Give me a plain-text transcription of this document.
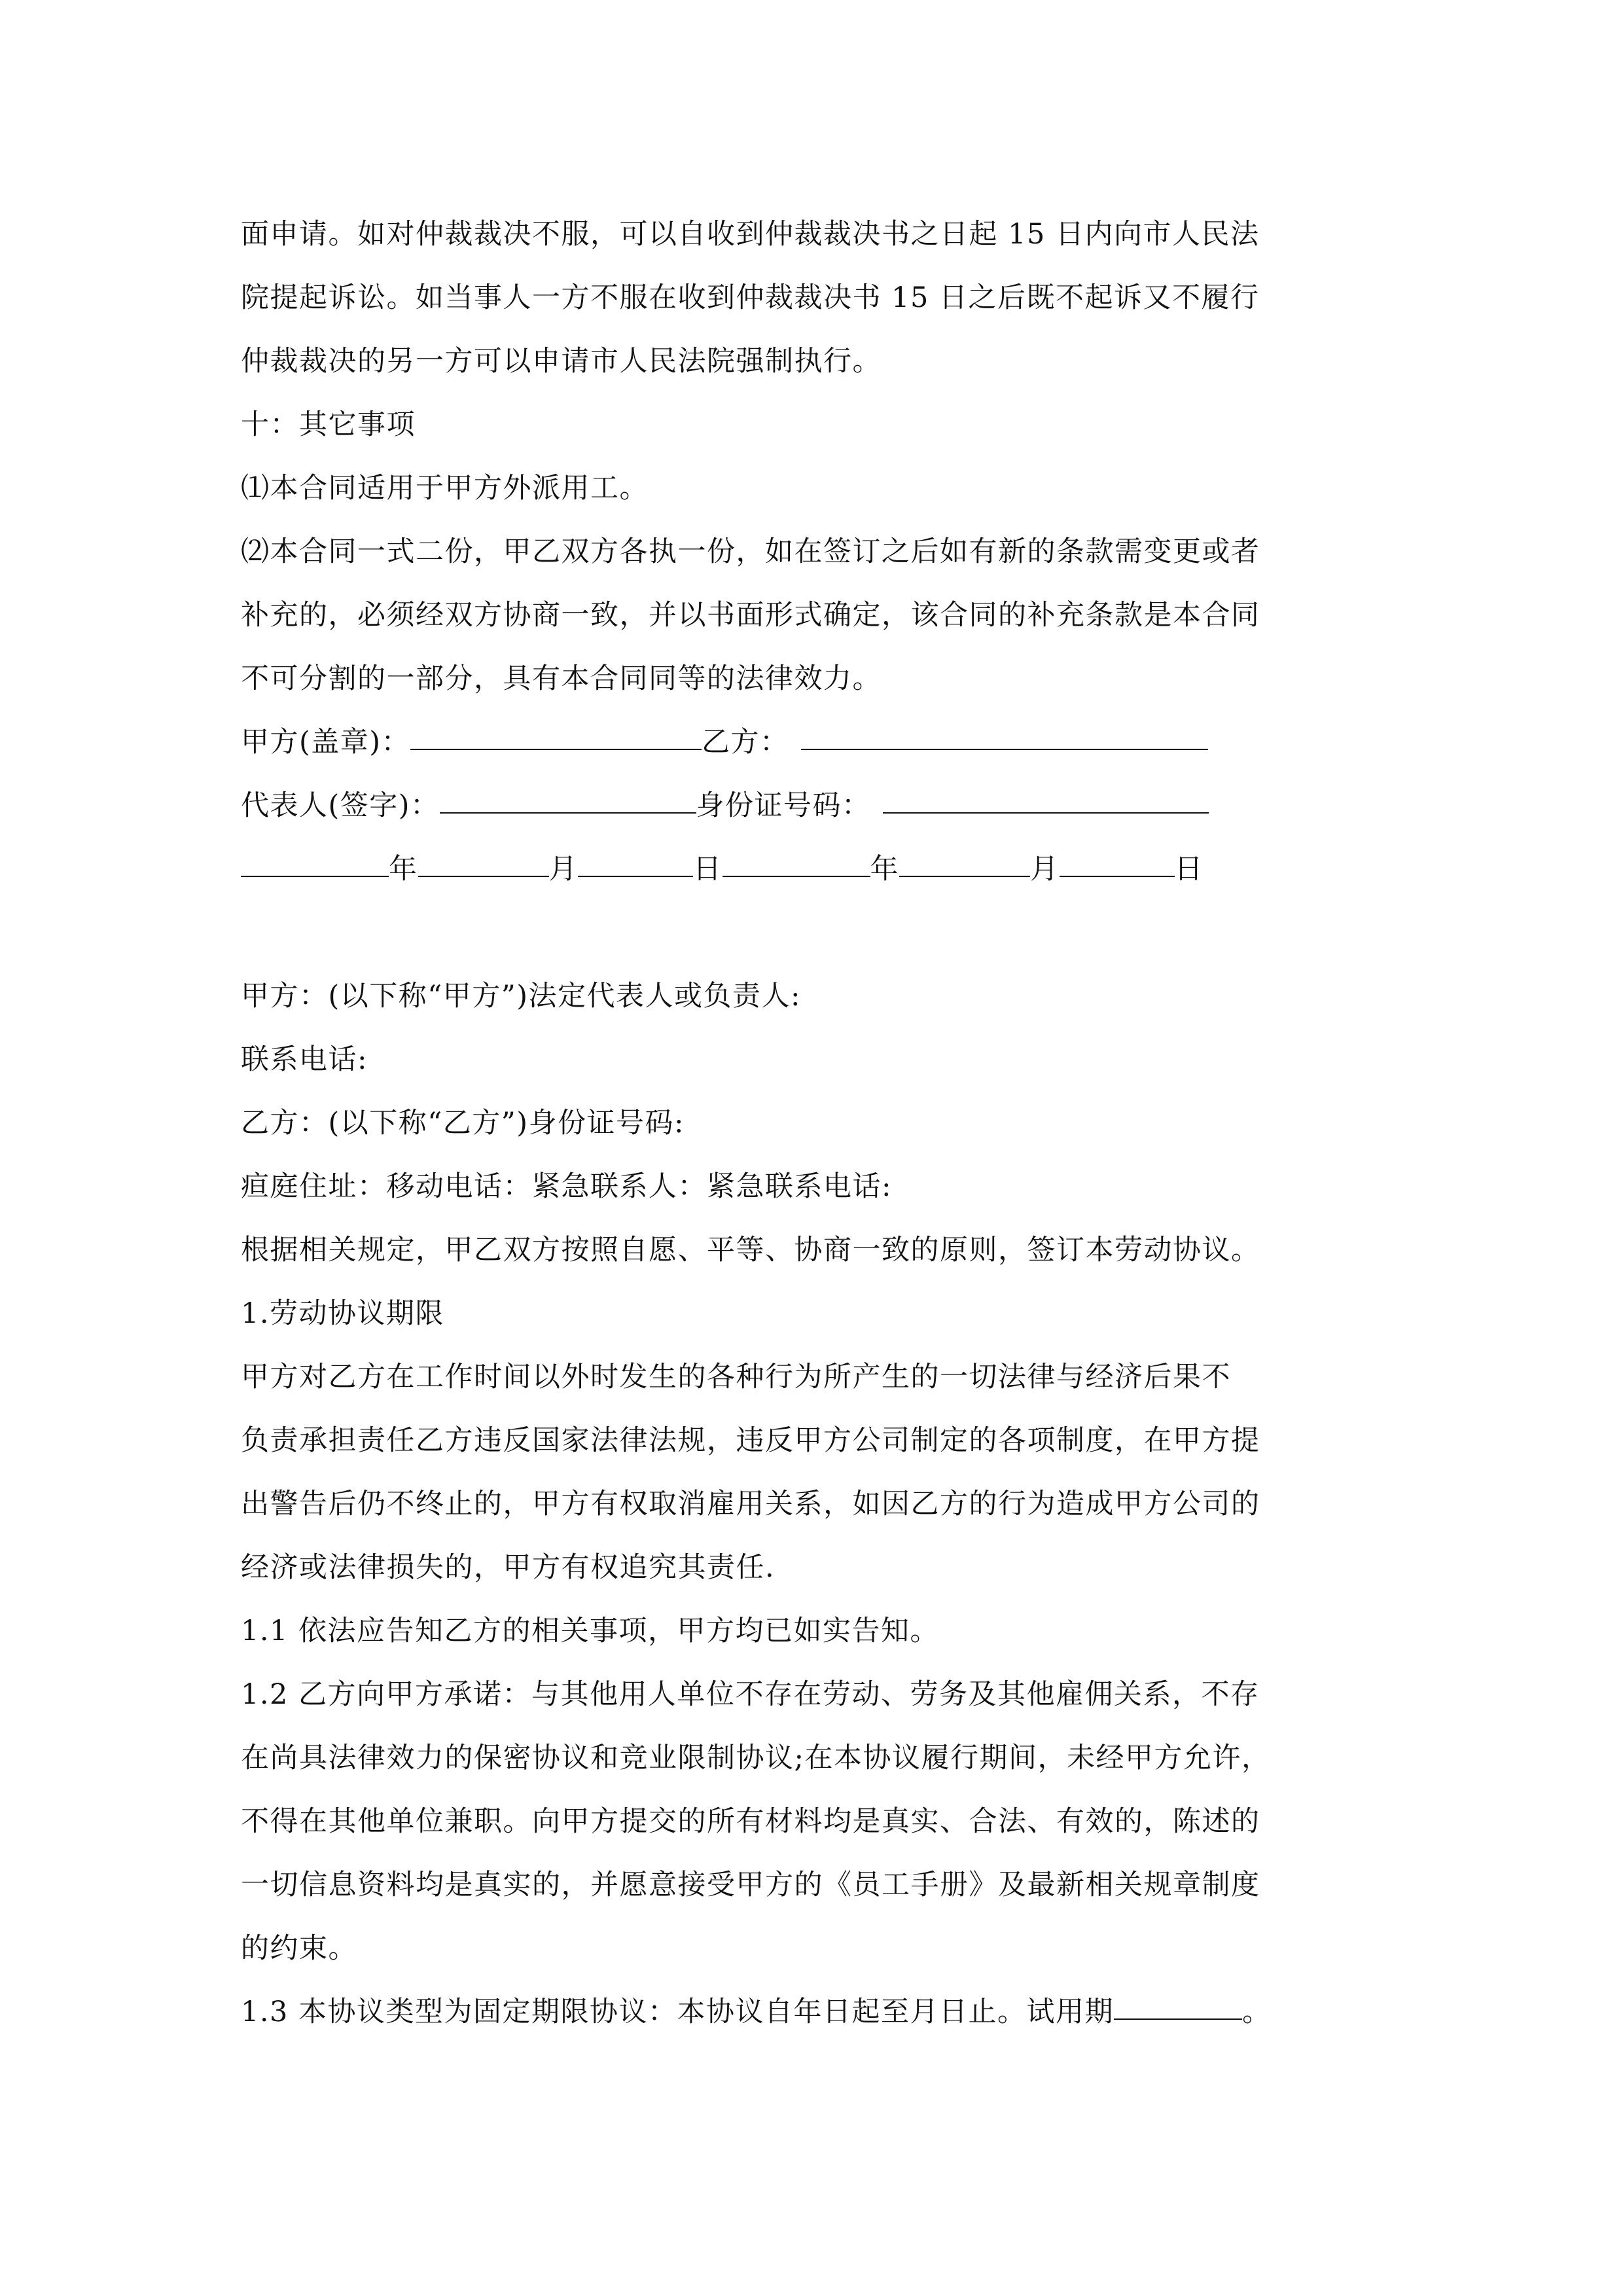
面申请。如对仲裁裁决不服，可以自收到仲裁裁决书之日起 15 日内向市人民法
院提起诉讼。如当事人一方不服在收到仲裁裁决书 15 日之后既不起诉又不履行
仲裁裁决的另一方可以申请市人民法院强制执行。
十：其它事项
⑴本合同适用于甲方外派用工。
⑵本合同一式二份，甲乙双方各执一份，如在签订之后如有新的条款需变更或者
补充的，必须经双方协商一致，并以书面形式确定，该合同的补充条款是本合同
不可分割的一部分，具有本合同同等的法律效力。
甲方(盖章)：	乙方：
代表人(签字)：	身份证号码：
年	月	日	年	月	日
甲方：(以下称“甲方”)法定代表人或负责人:
联系电话:
乙方：(以下称“乙方”)身份证号码:
疸庭住址：移动电话：紧急联系人：紧急联系电话:
根据相关规定，甲乙双方按照自愿、平等、协商一致的原则，签订本劳动协议。
1.劳动协议期限
甲方对乙方在工作时间以外时发生的各种行为所产生的一切法律与经济后果不
负责承担责任乙方违反国家法律法规，违反甲方公司制定的各项制度，在甲方提
出警告后仍不终止的，甲方有权取消雇用关系，如因乙方的行为造成甲方公司的
经济或法律损失的，甲方有权追究其责任.
1.1 依法应告知乙方的相关事项，甲方均已如实告知。
1.2 乙方向甲方承诺：与其他用人单位不存在劳动、劳务及其他雇佣关系，不存
在尚具法律效力的保密协议和竞业限制协议;在本协议履行期间，未经甲方允许，
不得在其他单位兼职。向甲方提交的所有材料均是真实、合法、有效的，陈述的
一切信息资料均是真实的，并愿意接受甲方的《员工手册》及最新相关规章制度
的约束。
1.3 本协议类型为固定期限协议：本协议自年日起至月日止。试用期	。
